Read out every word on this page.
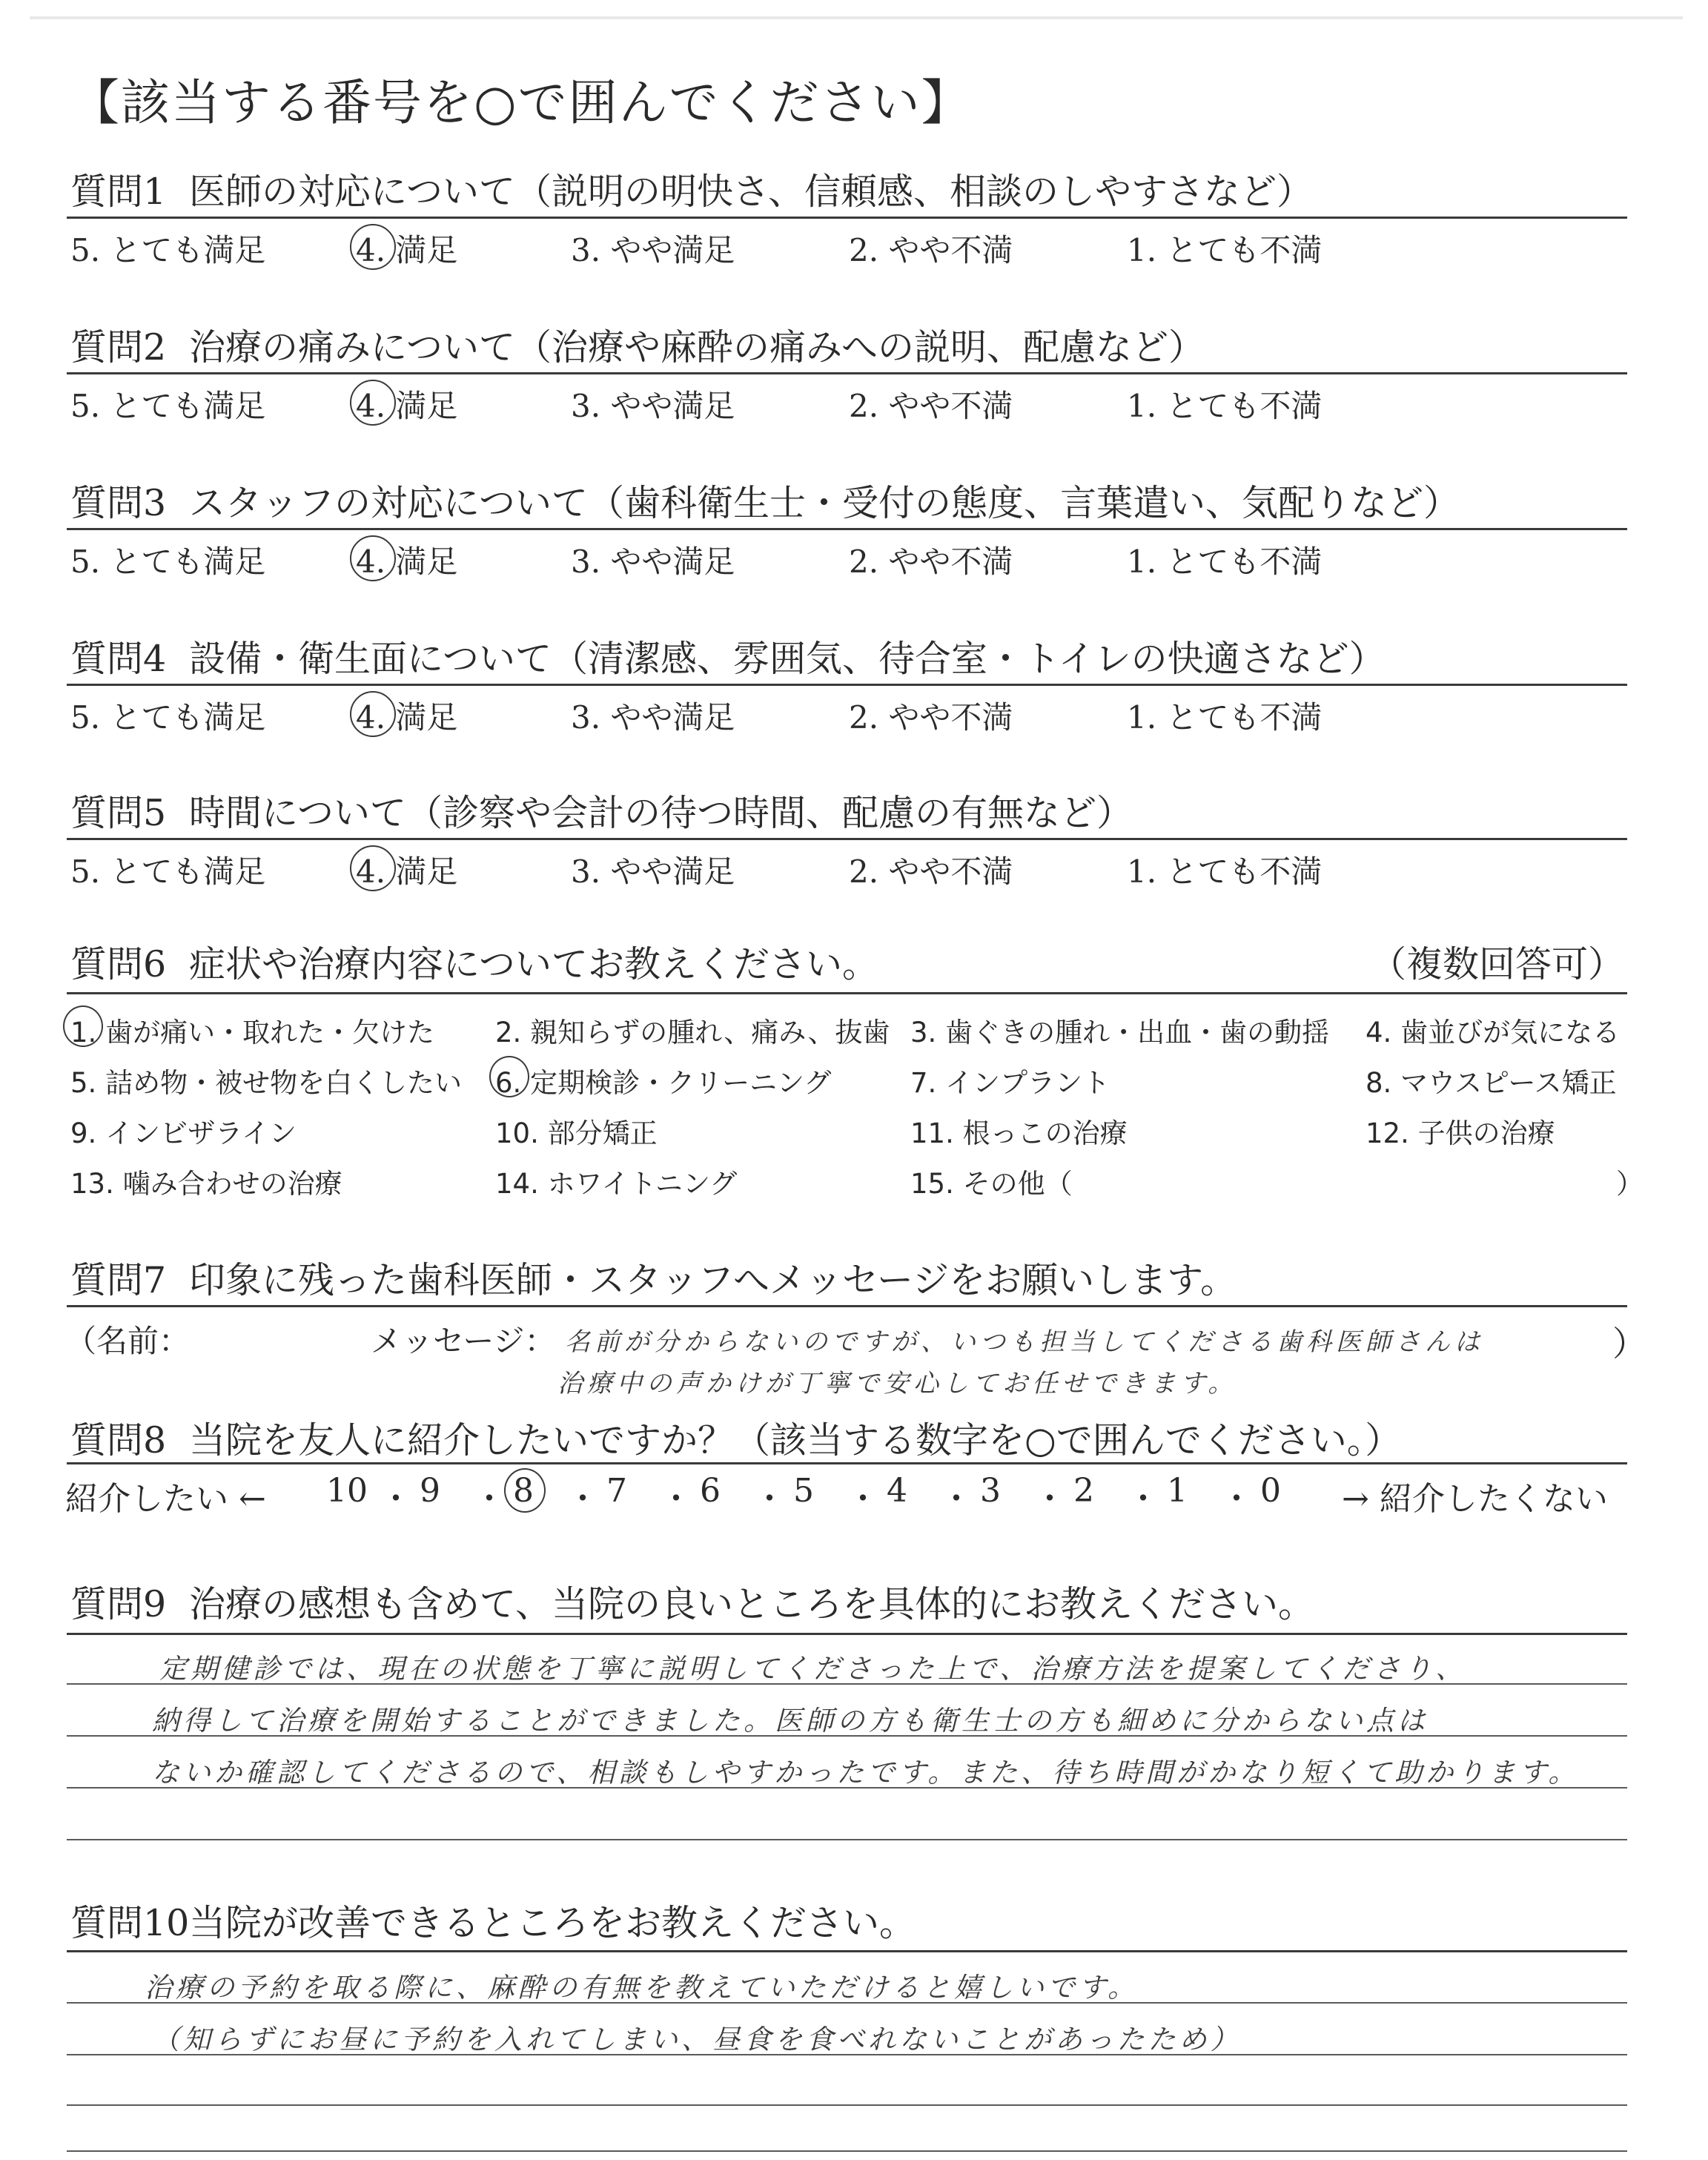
【該当する番号を○で囲んでください】
質問1 医師の対応について（説明の明快さ、信頼感、相談のしやすさなど）
5. とても満足	4. 満足	3. やや満足	2. やや不満	1. とても不満
質問2 治療の痛みについて（治療や麻酔の痛みへの説明、配慮など）
5. とても満足	4. 満足	3. やや満足	2. やや不満	1. とても不満
質問3 スタッフの対応について（歯科衛生士・受付の態度、言葉遣い、気配りなど）
5. とても満足	4. 満足	3. やや満足	2. やや不満	1. とても不満
質問4 設備・衛生面について（清潔感、雰囲気、待合室・トイレの快適さなど）
5. とても満足	4. 満足	3. やや満足	2. やや不満	1. とても不満
質問5 時間について（診察や会計の待つ時間、配慮の有無など）
5. とても満足	4. 満足	3. やや満足	2. やや不満	1. とても不満
質問6 症状や治療内容についてお教えください。	（複数回答可）
1. 歯が痛い・取れた・欠けた 2. 親知らずの腫れ、痛み、抜歯 3. 歯ぐきの腫れ・出血・歯の動揺 4. 歯並びが気になる
5. 詰め物・被せ物を白くしたい 6. 定期検診・クリーニング	7. インプラント	8. マウスピース矯正
9. インビザライン	10. 部分矯正	11. 根っこの治療	12. 子供の治療
13. 噛み合わせの治療	14. ホワイトニング	15. その他（	）
質問7 印象に残った歯科医師・スタッフへメッセージをお願いします。
（名前：	メッセージ：	）
名前が分からないのですが、いつも担当してくださる歯科医師さんは
治療中の声かけが丁寧で安心してお任せできます。
質問8 当院を友人に紹介したいですか？（該当する数字を○で囲んでください。）
紹介したい ←	→ 紹介したくない
10 ・ 9 ・ 8 ・ 7 ・ 6 ・ 5 ・ 4 ・ 3 ・ 2 ・ 1 ・ 0
質問9 治療の感想も含めて、当院の良いところを具体的にお教えください。
定期健診では、現在の状態を丁寧に説明してくださった上で、治療方法を提案してくださり、
納得して治療を開始することができました。医師の方も衛生士の方も細めに分からない点は
ないか確認してくださるので、相談もしやすかったです。また、待ち時間がかなり短くて助かります。
質問10当院が改善できるところをお教えください。
治療の予約を取る際に、麻酔の有無を教えていただけると嬉しいです。
（知らずにお昼に予約を入れてしまい、昼食を食べれないことがあったため）
